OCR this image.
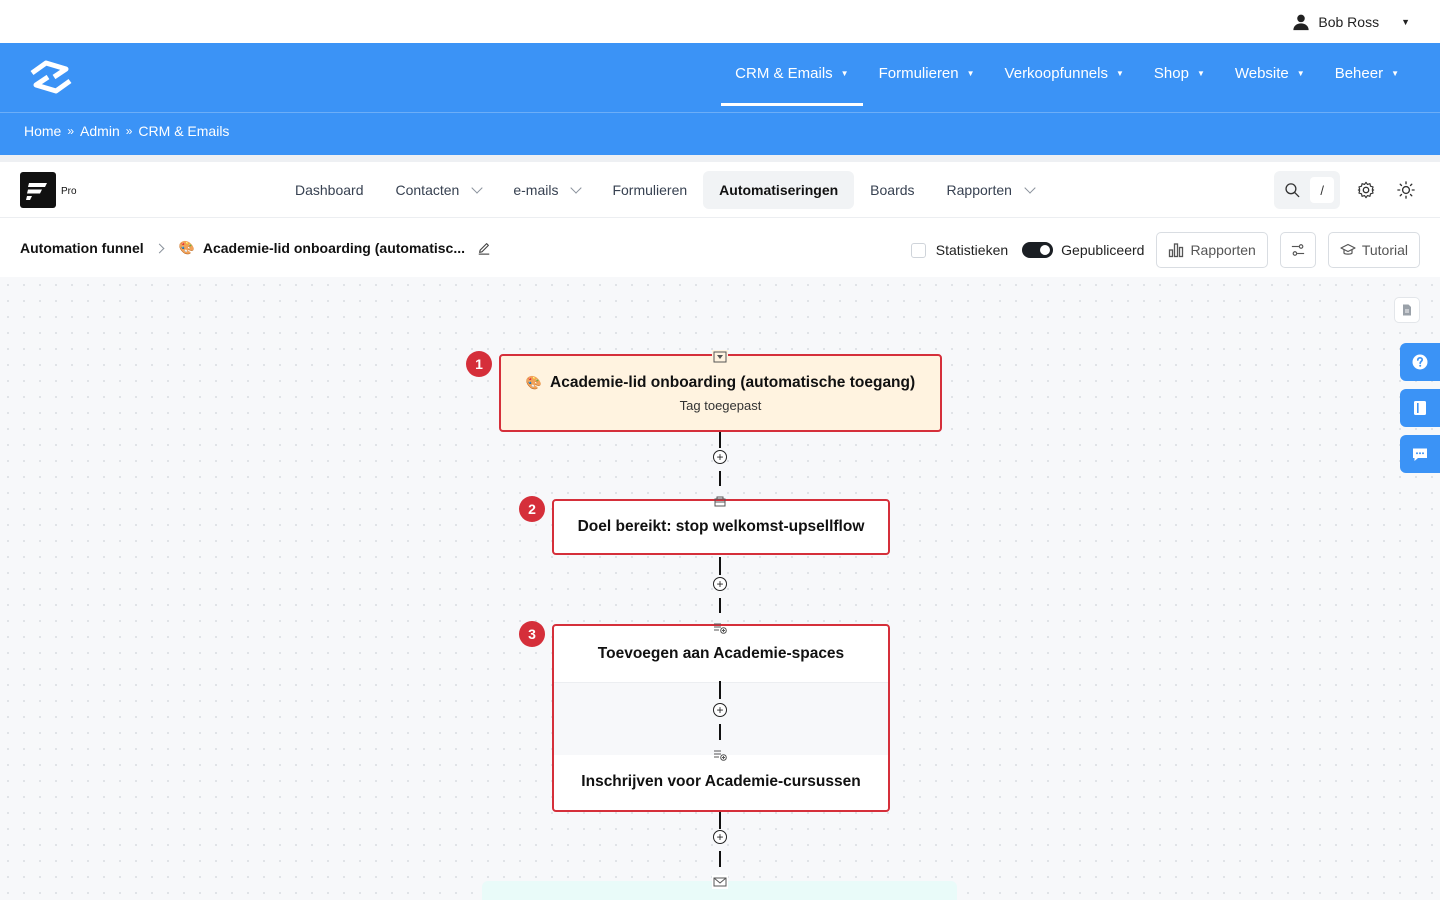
Bob Ross ▼
CRM & Emails ▼ Formulieren ▼ Verkoopfunnels ▼ Shop ▼ Website ▼ Beheer ▼
Home » Admin » CRM & Emails
Pro	Dashboard Contacten	e-mails	Formulieren Automatiseringen Boards Rapporten	/
Automation funnel	🎨 Academie-lid onboarding (automatisc...	Statistieken	Gepubliceerd	Rapporten	Tutorial
+
+
+
1
🎨 Academie-lid onboarding (automatische toegang)
Tag toegepast
2
Doel bereikt: stop welkomst-upsellflow
3
Toevoegen aan Academie-spaces
Inschrijven voor Academie-cursussen
+
